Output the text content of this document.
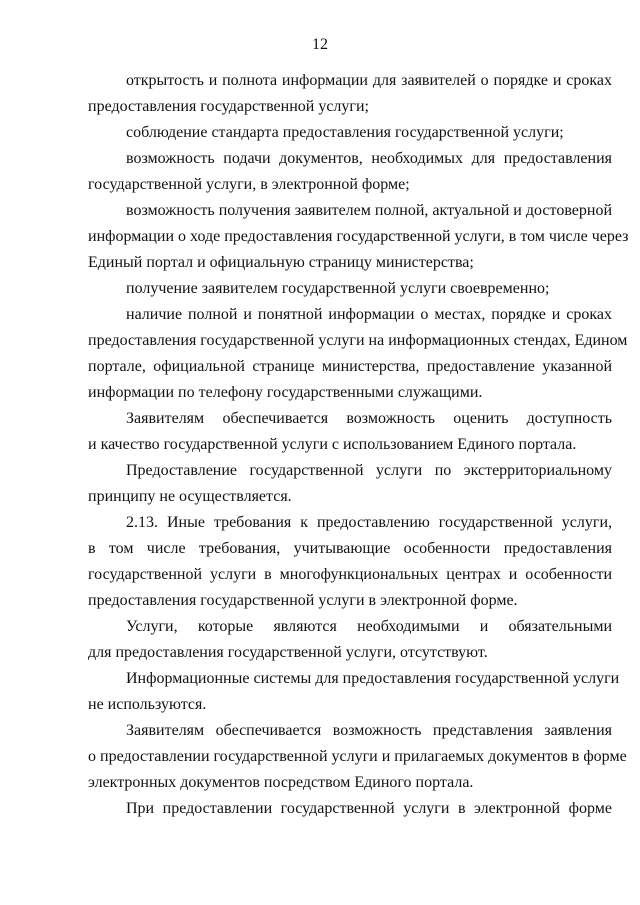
12
открытость и полнота информации для заявителей о порядке и сроках
предоставления государственной услуги;
соблюдение стандарта предоставления государственной услуги;
возможность подачи документов, необходимых для предоставления
государственной услуги, в электронной форме;
возможность получения заявителем полной, актуальной и достоверной
информации о ходе предоставления государственной услуги, в том числе через
Единый портал и официальную страницу министерства;
получение заявителем государственной услуги своевременно;
наличие полной и понятной информации о местах, порядке и сроках
предоставления государственной услуги на информационных стендах, Едином
портале, официальной странице министерства, предоставление указанной
информации по телефону государственными служащими.
Заявителям обеспечивается возможность оценить доступность
и качество государственной услуги с использованием Единого портала.
Предоставление государственной услуги по экстерриториальному
принципу не осуществляется.
2.13. Иные требования к предоставлению государственной услуги,
в том числе требования, учитывающие особенности предоставления
государственной услуги в многофункциональных центрах и особенности
предоставления государственной услуги в электронной форме.
Услуги, которые являются необходимыми и обязательными
для предоставления государственной услуги, отсутствуют.
Информационные системы для предоставления государственной услуги
не используются.
Заявителям обеспечивается возможность представления заявления
о предоставлении государственной услуги и прилагаемых документов в форме
электронных документов посредством Единого портала.
При предоставлении государственной услуги в электронной форме
